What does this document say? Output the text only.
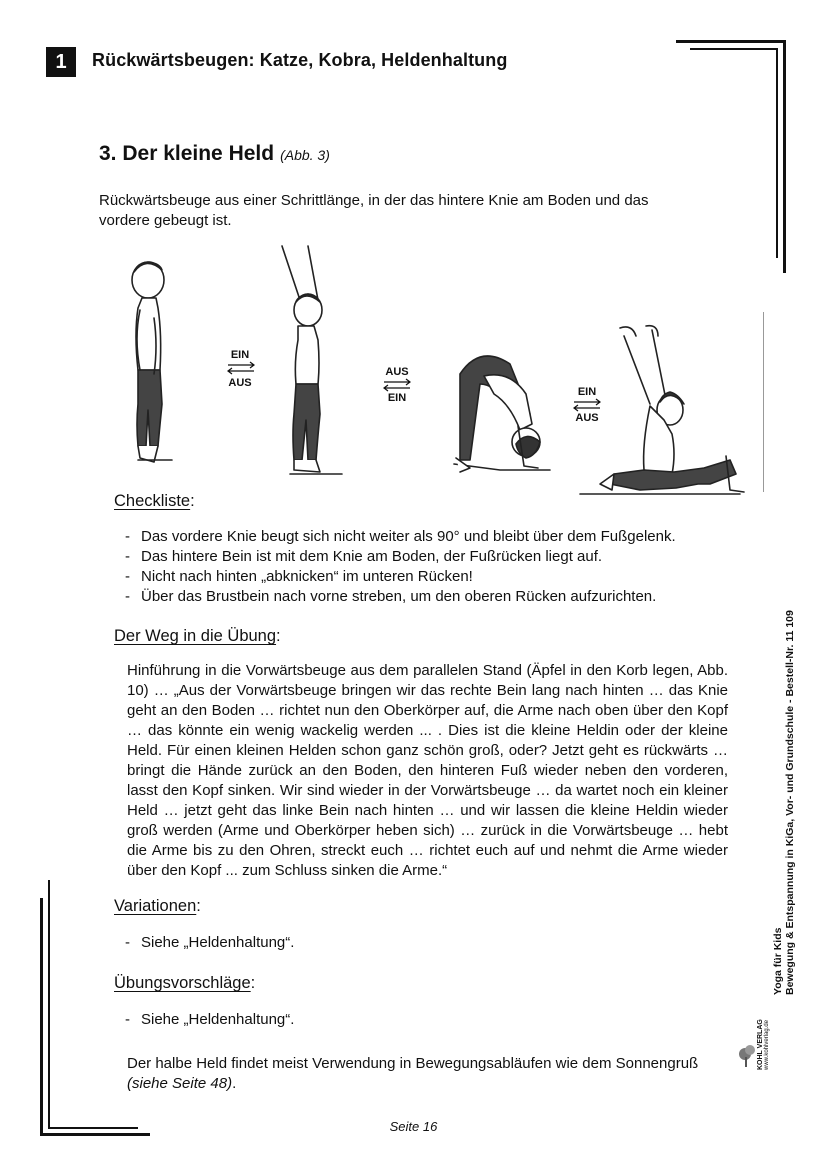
1	Rückwärtsbeugen: Katze, Kobra, Heldenhaltung
3. Der kleine Held (Abb. 3)
Rückwärtsbeuge aus einer Schrittlänge, in der das hintere Knie am Boden und das vordere gebeugt ist.
EIN
AUS
AUS
EIN	EIN
AUS
Checkliste:
- Das vordere Knie beugt sich nicht weiter als 90° und bleibt über dem Fußgelenk.
- Das hintere Bein ist mit dem Knie am Boden, der Fußrücken liegt auf.
- Nicht nach hinten „abknicken“ im unteren Rücken!
- Über das Brustbein nach vorne streben, um den oberen Rücken aufzurichten.
Der Weg in die Übung:
Hinführung in die Vorwärtsbeuge aus dem parallelen Stand (Äpfel in den Korb legen, Abb. 10) … „Aus der Vorwärtsbeuge bringen wir das rechte Bein lang nach hinten … das Knie geht an den Boden … richtet nun den Oberkörper auf, die Arme nach oben über den Kopf … das könnte ein wenig wackelig werden ... . Dies ist die kleine Heldin oder der kleine Held. Für einen kleinen Helden schon ganz schön groß, oder? Jetzt geht es rückwärts … bringt die Hände zurück an den Boden, den hinteren Fuß wieder neben den vorderen, lasst den Kopf sinken. Wir sind wieder in der Vorwärtsbeuge … da wartet noch ein kleiner Held … jetzt geht das linke Bein nach hinten … und wir lassen die kleine Heldin wieder groß werden (Arme und Oberkörper heben sich) … zurück in die Vorwärtsbeuge … hebt die Arme bis zu den Ohren, streckt euch … richtet euch auf und nehmt die Arme wieder über den Kopf ... zum Schluss sinken die Arme.“
Variationen:
- Siehe „Heldenhaltung“.
Übungsvorschläge:
- Siehe „Heldenhaltung“.
Der halbe Held findet meist Verwendung in Bewegungsabläufen wie dem Sonnengruß (siehe Seite 48).
Yoga für Kids Bewegung & Entspannung in KiGa, Vor- und Grundschule - Bestell-Nr. 11 109
KOHL VERLAG www.kohlverlag.de
Seite 16
